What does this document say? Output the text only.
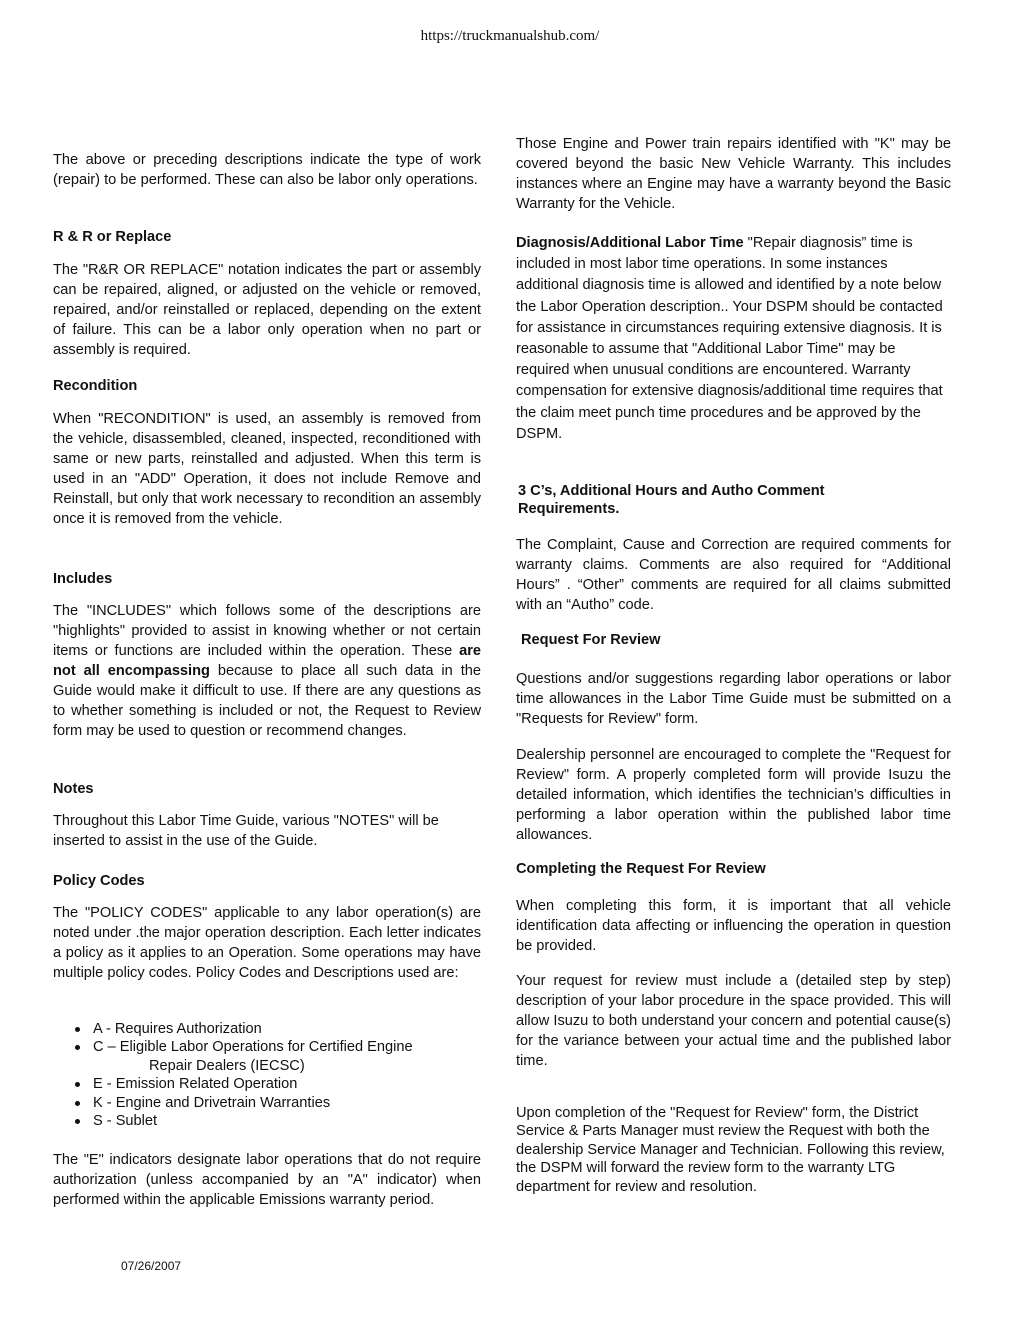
https://truckmanualshub.com/

The above or preceding descriptions indicate the type of work (repair) to be performed. These can also be labor only operations.

R & R or Replace

The "R&R OR REPLACE" notation indicates the part or assembly can be repaired, aligned, or adjusted on the vehicle or removed, repaired, and/or reinstalled or replaced, depending on the extent of failure. This can be a labor only operation when no part or assembly is required.

Recondition

When "RECONDITION" is used, an assembly is removed from the vehicle, disassembled, cleaned, inspected, reconditioned with same or new parts, reinstalled and adjusted. When this term is used in an "ADD" Operation, it does not include Remove and Reinstall, but only that work necessary to recondition an assembly once it is removed from the vehicle.

Includes

The "INCLUDES" which follows some of the descriptions are "highlights" provided to assist in knowing whether or not certain items or functions are included within the operation. These are not all encompassing because to place all such data in the Guide would make it difficult to use. If there are any questions as to whether something is included or not, the Request to Review form may be used to question or recommend changes.

Notes

Throughout this Labor Time Guide, various "NOTES" will be inserted to assist in the use of the Guide.

Policy Codes

The "POLICY CODES" applicable to any labor operation(s) are noted under .the major operation description. Each letter indicates a policy as it applies to an Operation. Some operations may have multiple policy codes. Policy Codes and Descriptions used are:

A - Requires Authorization
C – Eligible Labor Operations for Certified Engine
Repair Dealers (IECSC)
E - Emission Related Operation
K - Engine and Drivetrain Warranties
S - Sublet

The "E" indicators designate labor operations that do not require authorization (unless accompanied by an "A" indicator) when performed within the applicable Emissions warranty period.

Those Engine and Power train repairs identified with "K" may be covered beyond the basic New Vehicle Warranty. This includes instances where an Engine may have a warranty beyond the Basic Warranty for the Vehicle.

Diagnosis/Additional Labor Time "Repair diagnosis” time is included in most labor time operations. In some instances additional diagnosis time is allowed and identified by a note below the Labor Operation description.. Your DSPM should be contacted for assistance in circumstances requiring extensive diagnosis. It is reasonable to assume that "Additional Labor Time" may be required when unusual conditions are encountered. Warranty compensation for extensive diagnosis/additional time requires that the claim meet punch time procedures and be approved by the DSPM.

3 C’s, Additional Hours and Autho Comment Requirements.

The Complaint, Cause and Correction are required comments for warranty claims. Comments are also required for “Additional Hours” . “Other” comments are required for all claims submitted with an “Autho” code.

Request For Review

Questions and/or suggestions regarding labor operations or labor time allowances in the Labor Time Guide must be submitted on a "Requests for Review" form.

Dealership personnel are encouraged to complete the "Request for Review" form. A properly completed form will provide Isuzu the detailed information, which identifies the technician’s difficulties in performing a labor operation within the published labor time allowances.

Completing the Request For Review

When completing this form, it is important that all vehicle identification data affecting or influencing the operation in question be provided.

Your request for review must include a (detailed step by step) description of your labor procedure in the space provided. This will allow Isuzu to both understand your concern and potential cause(s) for the variance between your actual time and the published labor time.

Upon completion of the "Request for Review" form, the District Service & Parts Manager must review the Request with both the dealership Service Manager and Technician. Following this review, the DSPM will forward the review form to the warranty LTG department for review and resolution.

07/26/2007
